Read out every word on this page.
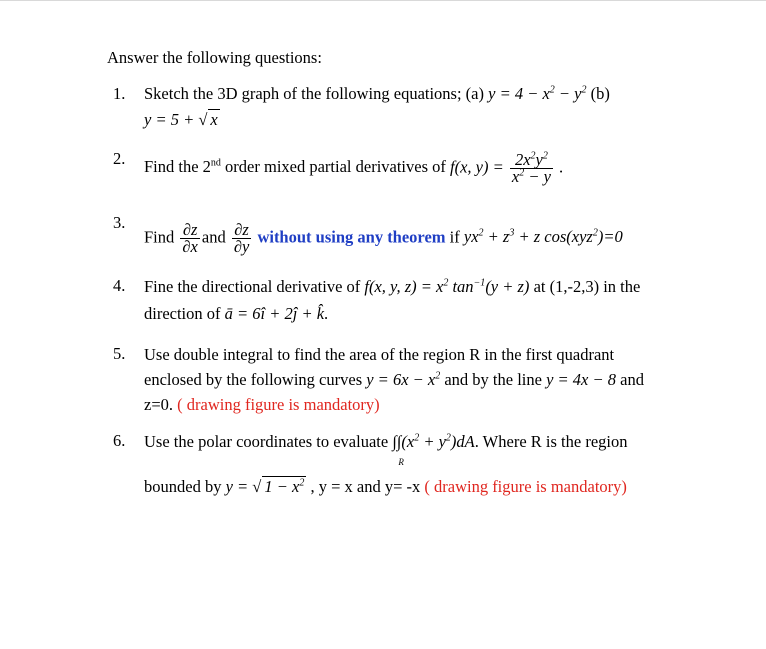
Answer the following questions:
1. Sketch the 3D graph of the following equations; (a) $y = 4 - x^2 - y^2$ (b)
y = 5 + √ x
2. Find the 2nd order mixed partial derivatives of f(x, $y) = \frac{2x^2y^2}{x^2 - y}$ .
3.
Find $\frac{\partial z}{\partial x}$ and $\frac{\partial z}{\partial y}$ without using any theorem if $yx^2 + z^3 + z$ cos(xyz$^2$)=0
4. Fine the directional derivative of f(x, y, $z) = x^2$ $\tan^{-1}(y + z)$ at (1,-2,3) in the
direction of ā = 6î + 2ĵ + k̂.
5. Use double integral to find the area of the region R in the first quadrant
enclosed by the following curves $y = 6x - x^2$ and by the line y = 4x − 8 and
z=0. ( drawing figure is mandatory)
6. Use the polar coordinates to evaluate $\int\int(x^2 + y^2)dA$
R
. Where R is the region
bounded by y = √ $1 - x^2$ , y = x and y= -x ( drawing figure is mandatory)
